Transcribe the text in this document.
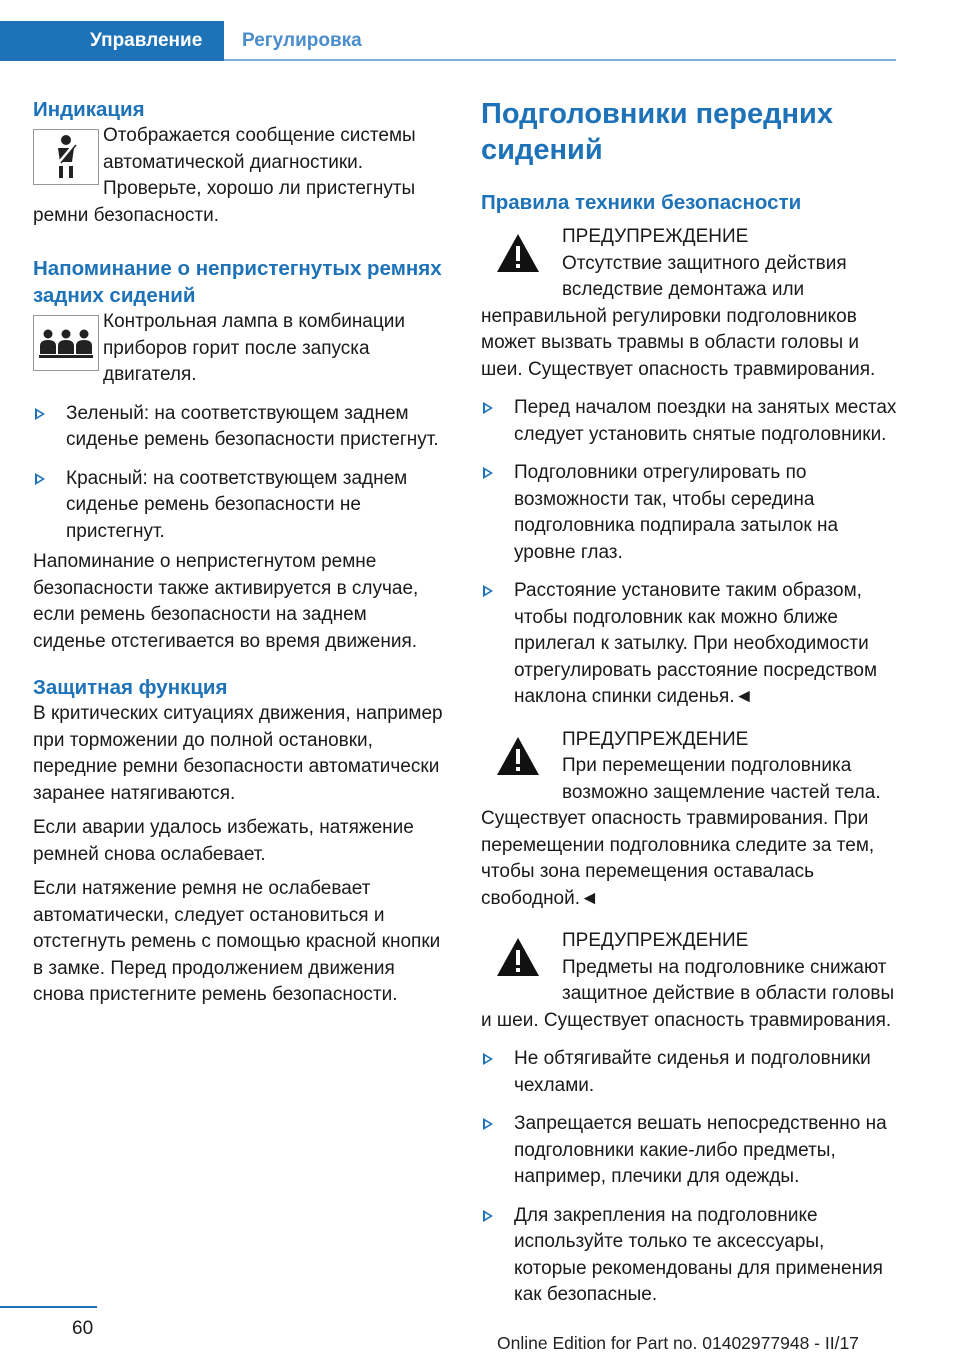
Управление	Регулировка
Индикация

Отображается сообщение системы автоматической диагностики. Проверьте, хорошо ли пристегнуты ремни безопасности.

Напоминание о непристегнутых ремнях задних сидений

Контрольная лампа в комбинации приборов горит после запуска двигателя.

Зеленый: на соответствующем заднем сиденье ремень безопасности пристегнут.
Красный: на соответствующем заднем сиденье ремень безопасности не пристегнут.

Напоминание о непристегнутом ремне безопасности также активируется в случае, если ремень безопасности на заднем сиденье отстегивается во время движения.

Защитная функция

В критических ситуациях движения, например при торможении до полной остановки, передние ремни безопасности автоматически заранее натягиваются.

Если аварии удалось избежать, натяжение ремней снова ослабевает.

Если натяжение ремня не ослабевает автоматически, следует остановиться и отстегнуть ремень с помощью красной кнопки в замке. Перед продолжением движения снова пристегните ремень безопасности.

Подголовники передних сидений
Правила техники безопасности

ПРЕДУПРЕЖДЕНИЕ

Отсутствие защитного действия вследствие демонтажа или неправильной регулировки подголовников может вызвать травмы в области головы и шеи. Существует опасность травмирования.

Перед началом поездки на занятых местах следует установить снятые подголовники.
Подголовники отрегулировать по возможности так, чтобы середина подголовника подпирала затылок на уровне глаз.
Расстояние установите таким образом, чтобы подголовник как можно ближе прилегал к затылку. При необходимости отрегулировать расстояние посредством наклона спинки сиденья.◄

ПРЕДУПРЕЖДЕНИЕ

При перемещении подголовника возможно защемление частей тела. Существует опасность травмирования. При перемещении подголовника следите за тем, чтобы зона перемещения оставалась свободной.◄

ПРЕДУПРЕЖДЕНИЕ

Предметы на подголовнике снижают защитное действие в области головы и шеи. Существует опасность травмирования.

Не обтягивайте сиденья и подголовники чехлами.
Запрещается вешать непосредственно на подголовники какие-либо предметы, например, плечики для одежды.
Для закрепления на подголовнике используйте только те аксессуары, которые рекомендованы для применения как безопасные.
60
Online Edition for Part no. 01402977948 - II/17
